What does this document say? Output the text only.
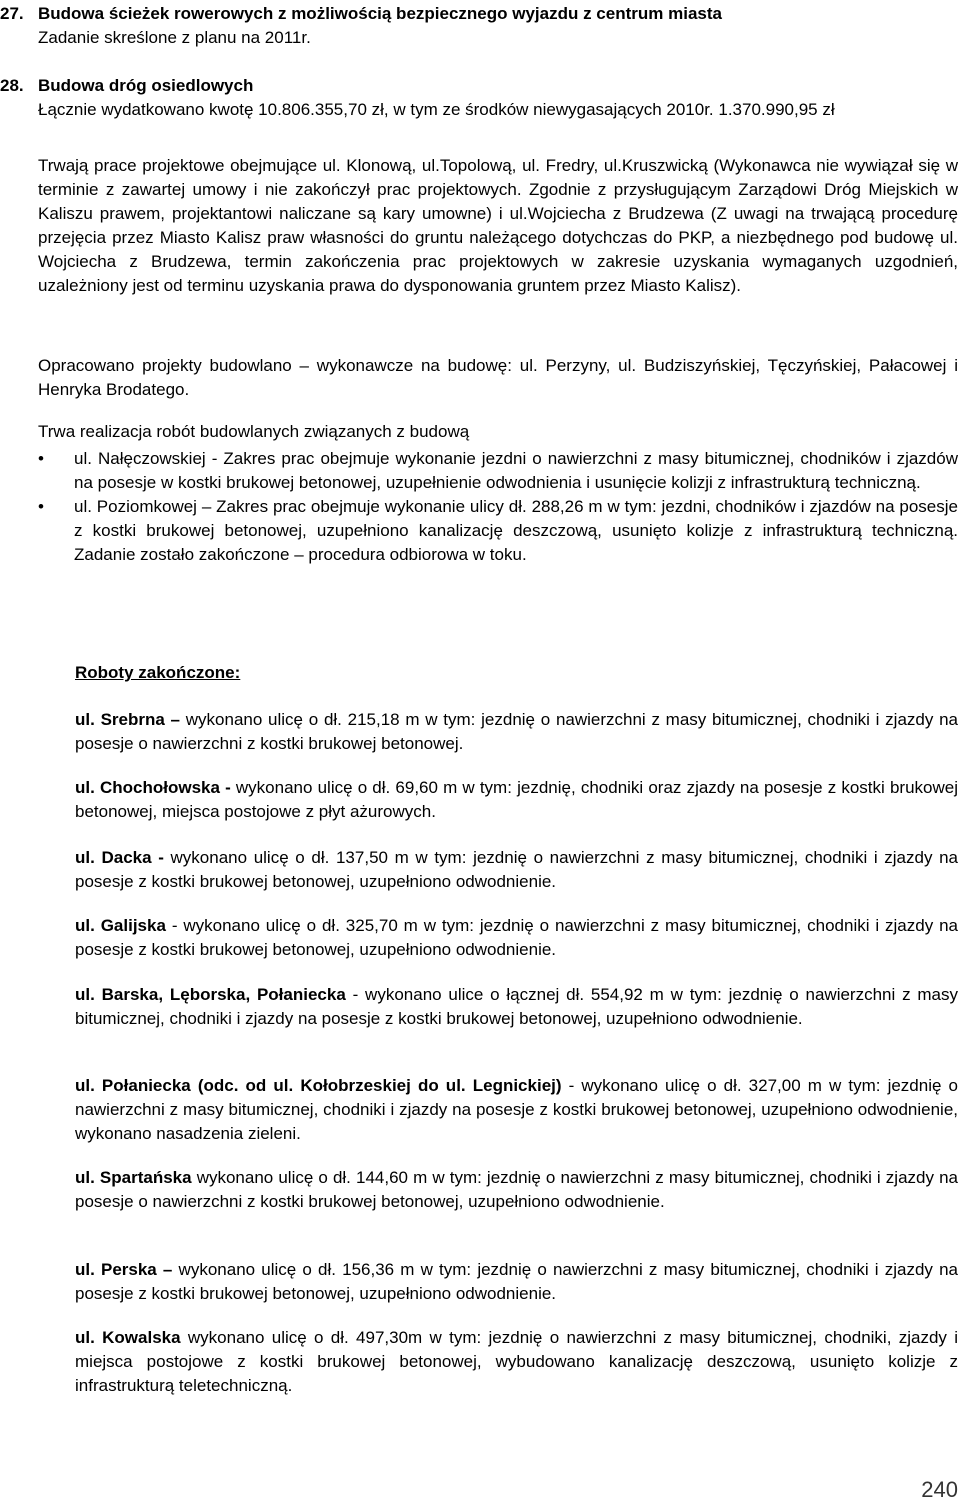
27. Budowa ścieżek rowerowych z możliwością bezpiecznego wyjazdu z centrum miasta
Zadanie skreślone z planu na 2011r.
28. Budowa dróg osiedlowych

Łącznie wydatkowano kwotę 10.806.355,70 zł, w tym ze środków niewygasających 2010r. 1.370.990,95 zł

Trwają prace projektowe obejmujące ul. Klonową, ul.Topolową, ul. Fredry, ul.Kruszwicką (Wykonawca nie wywiązał się w terminie z zawartej umowy i nie zakończył prac projektowych. Zgodnie z przysługującym Zarządowi Dróg Miejskich w Kaliszu prawem, projektantowi naliczane są kary umowne) i ul.Wojciecha z Brudzewa (Z uwagi na trwającą procedurę przejęcia przez Miasto Kalisz praw własności do gruntu należącego dotychczas do PKP, a niezbędnego pod budowę ul. Wojciecha z Brudzewa, termin zakończenia prac projektowych w zakresie uzyskania wymaganych uzgodnień, uzależniony jest od terminu uzyskania prawa do dysponowania gruntem przez Miasto Kalisz).

Opracowano projekty budowlano – wykonawcze na budowę: ul. Perzyny, ul. Budziszyńskiej, Tęczyńskiej, Pałacowej i Henryka Brodatego.

Trwa realizacja robót budowlanych związanych z budową

• ul. Nałęczowskiej - Zakres prac obejmuje wykonanie jezdni o nawierzchni z masy bitumicznej, chodników i zjazdów na posesje w kostki brukowej betonowej, uzupełnienie odwodnienia i usunięcie kolizji z infrastrukturą techniczną.
• ul. Poziomkowej – Zakres prac obejmuje wykonanie ulicy dł. 288,26 m w tym: jezdni, chodników i zjazdów na posesje z kostki brukowej betonowej, uzupełniono kanalizację deszczową, usunięto kolizje z infrastrukturą techniczną. Zadanie zostało zakończone – procedura odbiorowa w toku.
Roboty zakończone:

ul. Srebrna – wykonano ulicę o dł. 215,18 m w tym: jezdnię o nawierzchni z masy bitumicznej, chodniki i zjazdy na posesje o nawierzchni z kostki brukowej betonowej.

ul. Chochołowska - wykonano ulicę o dł. 69,60 m w tym: jezdnię, chodniki oraz zjazdy na posesje z kostki brukowej betonowej, miejsca postojowe z płyt ażurowych.

ul. Dacka - wykonano ulicę o dł. 137,50 m w tym: jezdnię o nawierzchni z masy bitumicznej, chodniki i zjazdy na posesje z kostki brukowej betonowej, uzupełniono odwodnienie.

ul. Galijska - wykonano ulicę o dł. 325,70 m w tym: jezdnię o nawierzchni z masy bitumicznej, chodniki i zjazdy na posesje z kostki brukowej betonowej, uzupełniono odwodnienie.

ul. Barska, Lęborska, Połaniecka - wykonano ulice o łącznej dł. 554,92 m w tym: jezdnię o nawierzchni z masy bitumicznej, chodniki i zjazdy na posesje z kostki brukowej betonowej, uzupełniono odwodnienie.

ul. Połaniecka (odc. od ul. Kołobrzeskiej do ul. Legnickiej) - wykonano ulicę o dł. 327,00 m w tym: jezdnię o nawierzchni z masy bitumicznej, chodniki i zjazdy na posesje z kostki brukowej betonowej, uzupełniono odwodnienie, wykonano nasadzenia zieleni.

ul. Spartańska wykonano ulicę o dł. 144,60 m w tym: jezdnię o nawierzchni z masy bitumicznej, chodniki i zjazdy na posesje o nawierzchni z kostki brukowej betonowej, uzupełniono odwodnienie.

ul. Perska – wykonano ulicę o dł. 156,36 m w tym: jezdnię o nawierzchni z masy bitumicznej, chodniki i zjazdy na posesje z kostki brukowej betonowej, uzupełniono odwodnienie.

ul. Kowalska wykonano ulicę o dł. 497,30m w tym: jezdnię o nawierzchni z masy bitumicznej, chodniki, zjazdy i miejsca postojowe z kostki brukowej betonowej, wybudowano kanalizację deszczową, usunięto kolizje z infrastrukturą teletechniczną.

240
